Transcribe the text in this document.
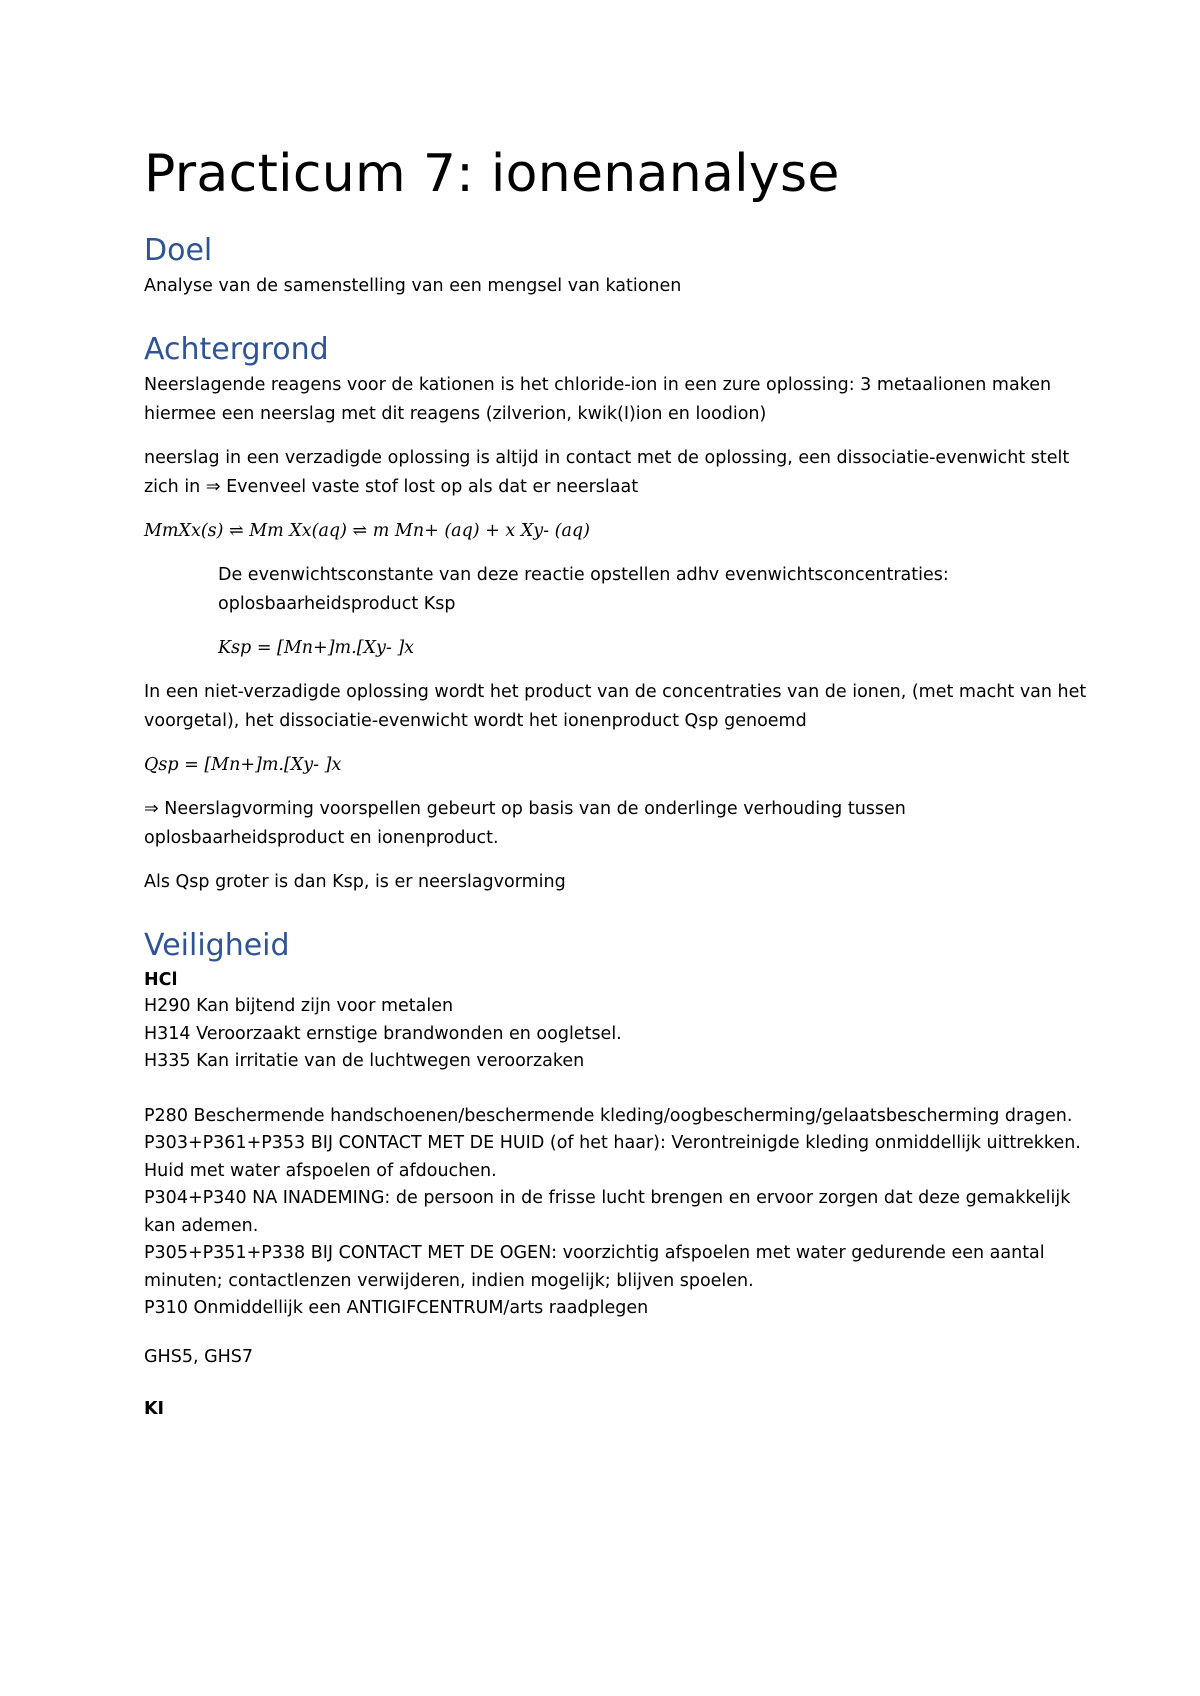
Practicum 7: ionenanalyse
Doel

Analyse van de samenstelling van een mengsel van kationen

Achtergrond

Neerslagende reagens voor de kationen is het chloride-ion in een zure oplossing: 3 metaalionen maken hiermee een neerslag met dit reagens (zilverion, kwik(I)ion en loodion)

neerslag in een verzadigde oplossing is altijd in contact met de oplossing, een dissociatie-evenwicht stelt zich in ⇒ Evenveel vaste stof lost op als dat er neerslaat

MmXx(s) ⇌ Mm Xx(aq) ⇌ m Mn+ (aq) + x Xy- (aq)

De evenwichtsconstante van deze reactie opstellen adhv evenwichtsconcentraties: oplosbaarheidsproduct Ksp

Ksp = [Mn+]m.[Xy- ]x

In een niet-verzadigde oplossing wordt het product van de concentraties van de ionen, (met macht van het voorgetal), het dissociatie-evenwicht wordt het ionenproduct Qsp genoemd

Qsp = [Mn+]m.[Xy- ]x

⇒ Neerslagvorming voorspellen gebeurt op basis van de onderlinge verhouding tussen oplosbaarheidsproduct en ionenproduct.

Als Qsp groter is dan Ksp, is er neerslagvorming

Veiligheid
HCl
H290 Kan bijtend zijn voor metalen
H314 Veroorzaakt ernstige brandwonden en oogletsel.
H335 Kan irritatie van de luchtwegen veroorzaken
P280 Beschermende handschoenen/beschermende kleding/oogbescherming/gelaatsbescherming dragen.
P303+P361+P353 BIJ CONTACT MET DE HUID (of het haar): Verontreinigde kleding onmiddellijk uittrekken. Huid met water afspoelen of afdouchen.
P304+P340 NA INADEMING: de persoon in de frisse lucht brengen en ervoor zorgen dat deze gemakkelijk kan ademen.
P305+P351+P338 BIJ CONTACT MET DE OGEN: voorzichtig afspoelen met water gedurende een aantal minuten; contactlenzen verwijderen, indien mogelijk; blijven spoelen.
P310 Onmiddellijk een ANTIGIFCENTRUM/arts raadplegen
GHS5, GHS7
KI
